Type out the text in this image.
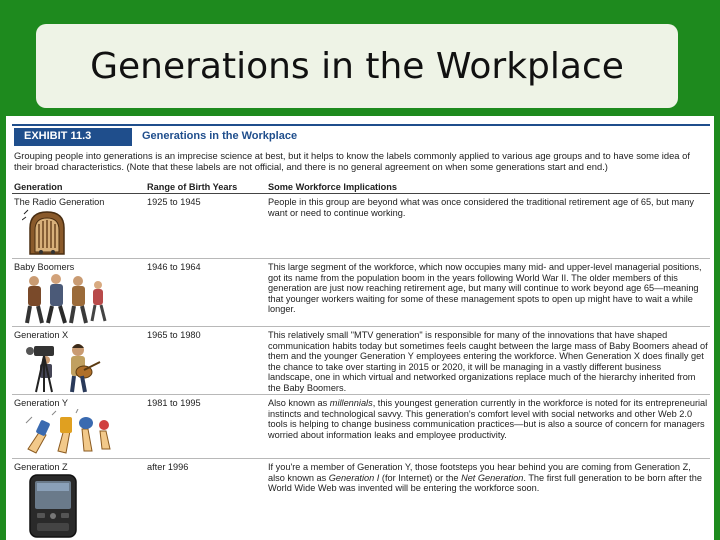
Generations in the Workplace
EXHIBIT 11.3	Generations in the Workplace
Grouping people into generations is an imprecise science at best, but it helps to know the labels commonly applied to various age groups and to have some idea of their broad characteristics. (Note that these labels are not official, and there is no general agreement on when some generations start and end.)
Generation	Range of Birth Years	Some Workforce Implications
The Radio Generation	1925 to 1945	People in this group are beyond what was once considered the traditional retirement age of 65, but many want or need to continue working.
Baby Boomers	1946 to 1964	This large segment of the workforce, which now occupies many mid- and upper-level managerial positions, got its name from the population boom in the years following World War II. The older members of this generation are just now reaching retirement age, but many will continue to work beyond age 65—meaning that younger workers waiting for some of these management spots to open up might have to wait a while longer.
Generation X	1965 to 1980	This relatively small "MTV generation" is responsible for many of the innovations that have shaped communication habits today but sometimes feels caught between the large mass of Baby Boomers ahead of them and the younger Generation Y employees entering the workforce. When Generation X does finally get the chance to take over starting in 2015 or 2020, it will be managing in a vastly different business landscape, one in which virtual and networked organizations replace much of the hierarchy inherited from the Baby Boomers.
Generation Y	1981 to 1995	Also known as millennials, this youngest generation currently in the workforce is noted for its entrepreneurial instincts and technological savvy. This generation's comfort level with social networks and other Web 2.0 tools is helping to change business communication practices—but is also a source of concern for managers worried about information leaks and employee productivity.
Generation Z	after 1996	If you're a member of Generation Y, those footsteps you hear behind you are coming from Generation Z, also known as Generation I (for Internet) or the Net Generation. The first full generation to be born after the World Wide Web was invented will be entering the workforce soon.
